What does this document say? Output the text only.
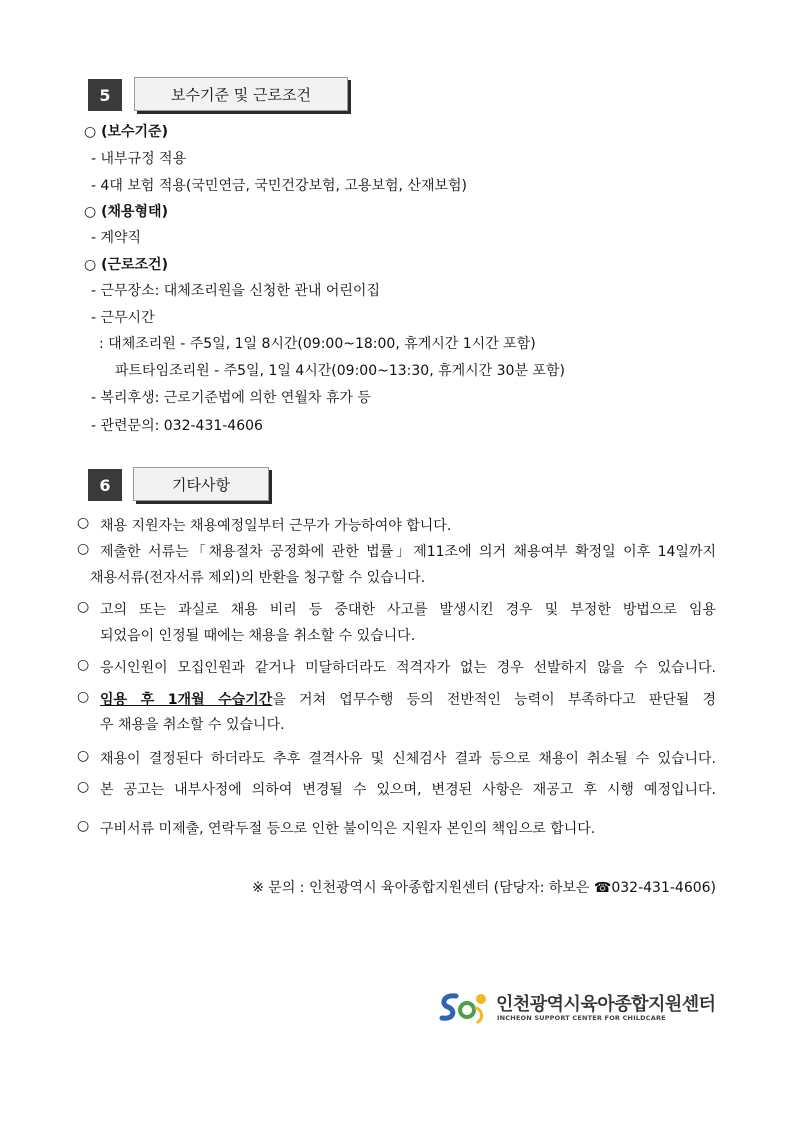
5	보수기준 및 근로조건
○ (보수기준)
- 내부규정 적용
- 4대 보험 적용(국민연금, 국민건강보험, 고용보험, 산재보험)
○ (채용형태)
- 계약직
○ (근로조건)
- 근무장소: 대체조리원을 신청한 관내 어린이집
- 근무시간
: 대체조리원 - 주5일, 1일 8시간(09:00~18:00, 휴게시간 1시간 포함)
파트타임조리원 - 주5일, 1일 4시간(09:00~13:30, 휴게시간 30분 포함)
- 복리후생: 근로기준법에 의한 연월차 휴가 등
- 관련문의: 032-431-4606
6	기타사항
○ 채용 지원자는 채용예정일부터 근무가 가능하여야 합니다.
○ 제출한 서류는「채용절차 공정화에 관한 법률」제11조에 의거 채용여부 확정일 이후 14일까지
채용서류(전자서류 제외)의 반환을 청구할 수 있습니다.
○ 고의 또는 과실로 채용 비리 등 중대한 사고를 발생시킨 경우 및 부정한 방법으로 임용
되었음이 인정될 때에는 채용을 취소할 수 있습니다.
○ 응시인원이 모집인원과 같거나 미달하더라도 적격자가 없는 경우 선발하지 않을 수 있습니다.
○ 임용 후 1개월 수습기간을 거쳐 업무수행 등의 전반적인 능력이 부족하다고 판단될 경
우 채용을 취소할 수 있습니다.
○ 채용이 결정된다 하더라도 추후 결격사유 및 신체검사 결과 등으로 채용이 취소될 수 있습니다.
○ 본 공고는 내부사정에 의하여 변경될 수 있으며, 변경된 사항은 재공고 후 시행 예정입니다.
○ 구비서류 미제출, 연락두절 등으로 인한 불이익은 지원자 본인의 책임으로 합니다.
※ 문의 : 인천광역시 육아종합지원센터 (담당자: 하보은 ☎032-431-4606)
인천광역시육아종합지원센터
INCHEON SUPPORT CENTER FOR CHILDCARE
